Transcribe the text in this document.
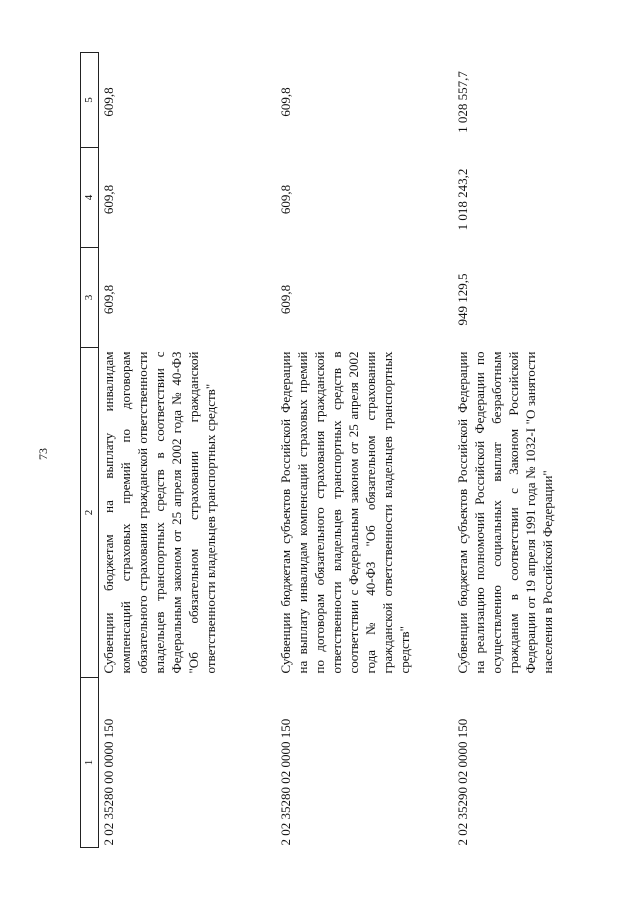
73
1	2	3	4	5
2 02 35280 00 0000 150	Субвенции бюджетам на выплату инвалидам компенсаций страховых премий по договорам обязательного страхования гражданской ответственности владельцев транспортных средств в соответствии с Федеральным законом от 25 апреля 2002 года № 40-ФЗ "Об обязательном страховании гражданской ответственности владельцев транспортных средств"	609,8	609,8	609,8
2 02 35280 02 0000 150	Субвенции бюджетам субъектов Российской Федерации на выплату инвалидам компенсаций страховых премий по договорам обязательного страхования гражданской ответственности владельцев транспортных средств в соответствии с Федеральным законом от 25 апреля 2002 года № 40-ФЗ "Об обязательном страховании гражданской ответственности владельцев транспортных средств"	609,8	609,8	609,8
2 02 35290 02 0000 150	Субвенции бюджетам субъектов Российской Федерации на реализацию полномочий Российской Федерации по осуществлению социальных выплат безработным гражданам в соответствии с Законом Российской Федерации от 19 апреля 1991 года № 1032-I "О занятости населения в Российской Федерации"	949 129,5	1 018 243,2	1 028 557,7
